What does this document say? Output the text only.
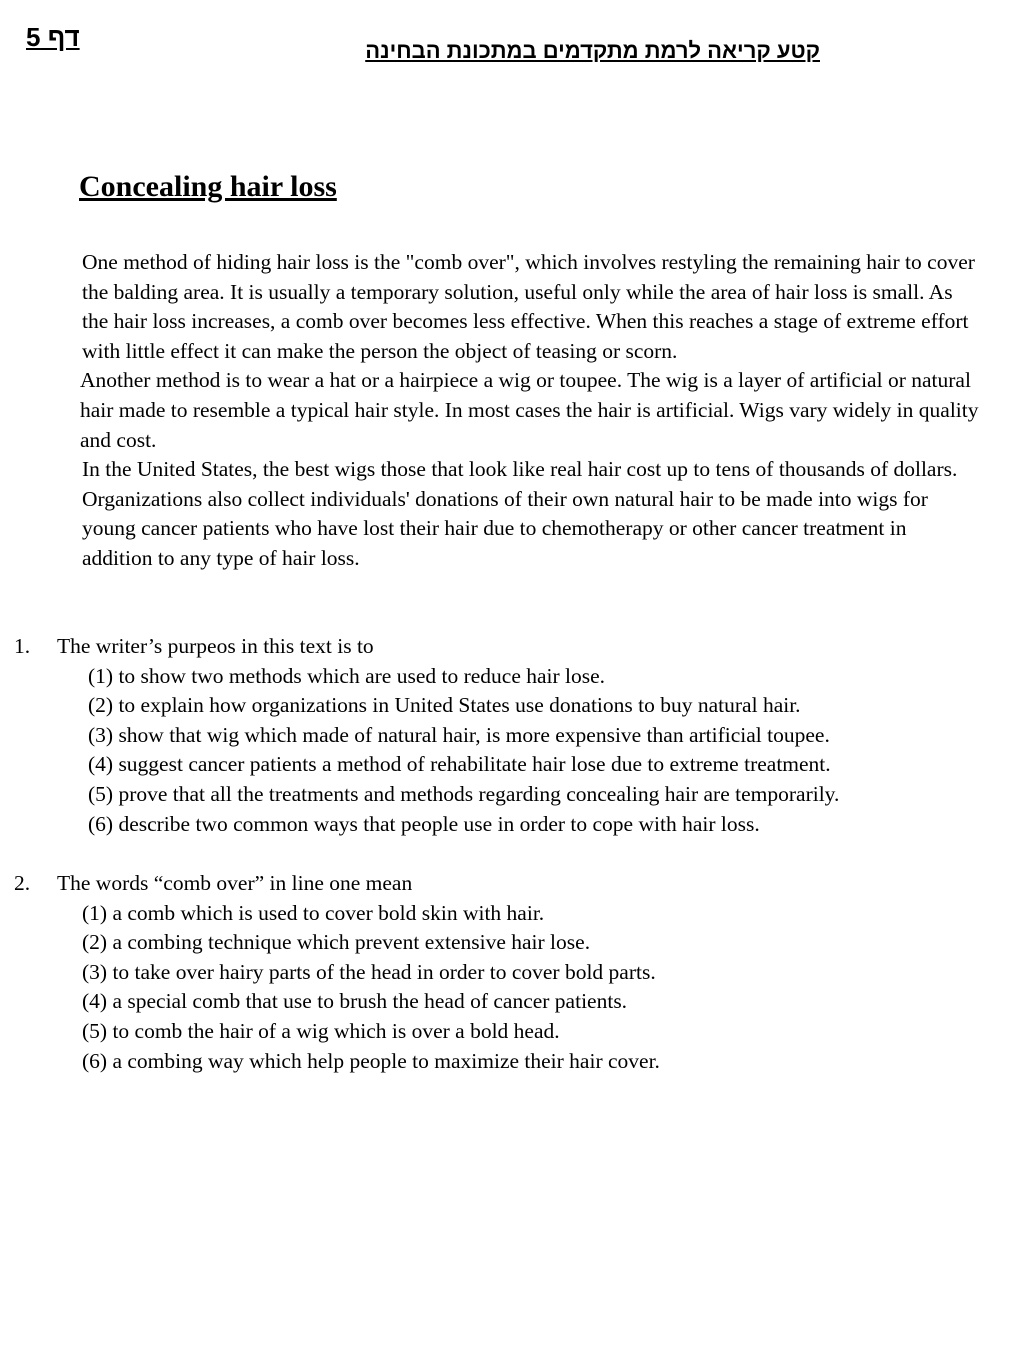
דף 5	קטע קריאה לרמת מתקדמים במתכונת הבחינה
Concealing hair loss

One method of hiding hair loss is the "comb over", which involves restyling the remaining hair to cover the balding area. It is usually a temporary solution, useful only while the area of hair loss is small. As the hair loss increases, a comb over becomes less effective. When this reaches a stage of extreme effort with little effect it can make the person the object of teasing or scorn.

Another method is to wear a hat or a hairpiece a wig or toupee. The wig is a layer of artificial or natural hair made to resemble a typical hair style. In most cases the hair is artificial. Wigs vary widely in quality and cost.

In the United States, the best wigs those that look like real hair cost up to tens of thousands of dollars. Organizations also collect individuals' donations of their own natural hair to be made into wigs for young cancer patients who have lost their hair due to chemotherapy or other cancer treatment in addition to any type of hair loss.

1. The writer’s purpeos in this text is to
(1) to show two methods which are used to reduce hair lose.
(2) to explain how organizations in United States use donations to buy natural hair.
(3) show that wig which made of natural hair, is more expensive than artificial toupee.
(4) suggest cancer patients a method of rehabilitate hair lose due to extreme treatment.
(5) prove that all the treatments and methods regarding concealing hair are temporarily.
(6) describe two common ways that people use in order to cope with hair loss.
2. The words “comb over” in line one mean
(1) a comb which is used to cover bold skin with hair.
(2) a combing technique which prevent extensive hair lose.
(3) to take over hairy parts of the head in order to cover bold parts.
(4) a special comb that use to brush the head of cancer patients.
(5) to comb the hair of a wig which is over a bold head.
(6) a combing way which help people to maximize their hair cover.
